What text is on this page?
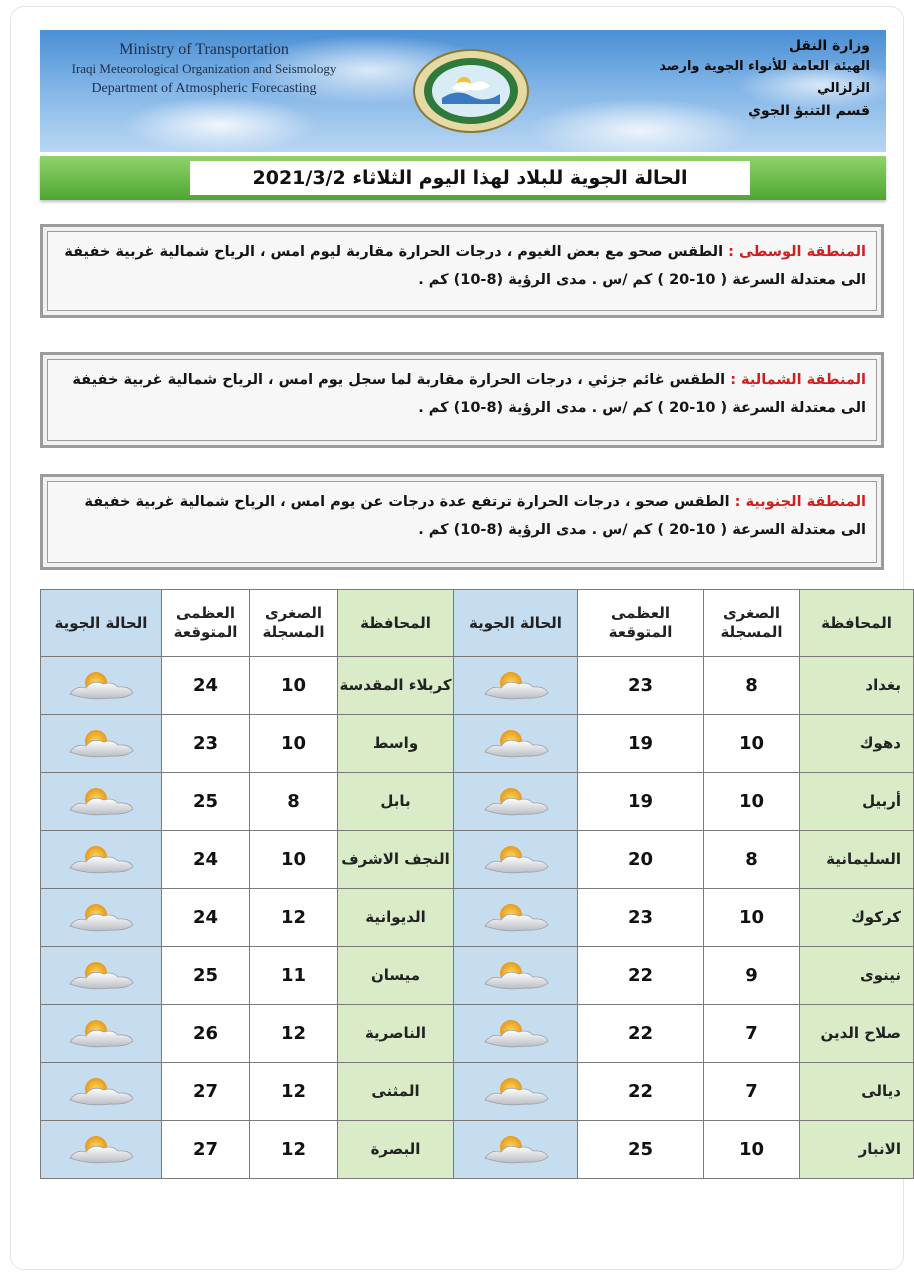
Ministry of Transportation
Iraqi Meteorological Organization and Seismology
Department of Atmospheric Forecasting
وزارة النقل
الهيئة العامة للأنواء الجوية وارصد الزلزالي
قسم التنبؤ الجوي
الحالة الجوية للبلاد لهذا اليوم الثلاثاء 2021/3/2
المنطقة الوسطى : الطقس صحو مع بعض الغيوم ، درجات الحرارة مقاربة ليوم امس ، الرياح شمالية غربية خفيفة الى معتدلة السرعة ( 10-20 ) كم /س . مدى الرؤية (8-10) كم .
المنطقة الشمالية : الطقس غائم جزئي ، درجات الحرارة مقاربة لما سجل يوم امس ، الرياح شمالية غربية خفيفة الى معتدلة السرعة ( 10-20 ) كم /س . مدى الرؤية (8-10) كم .
المنطقة الجنوبية : الطقس صحو ، درجات الحرارة ترتفع عدة درجات عن يوم امس ، الرياح شمالية غربية خفيفة الى معتدلة السرعة ( 10-20 ) كم /س . مدى الرؤية (8-10) كم .
المحافظة	الصغرى المسجلة	العظمى المتوقعة	الحالة الجوية	المحافظة	الصغرى المسجلة	العظمى المتوقعة	الحالة الجوية
بغداد	8	23		كربلاء المقدسة	10	24	

دهوك	10	19		واسط	10	23	

أربيل	10	19		بابل	8	25	

السليمانية	8	20		النجف الاشرف	10	24	

كركوك	10	23		الديوانية	12	24	

نينوى	9	22		ميسان	11	25	

صلاح الدين	7	22		الناصرية	12	26	

ديالى	7	22		المثنى	12	27	

الانبار	10	25		البصرة	12	27	
